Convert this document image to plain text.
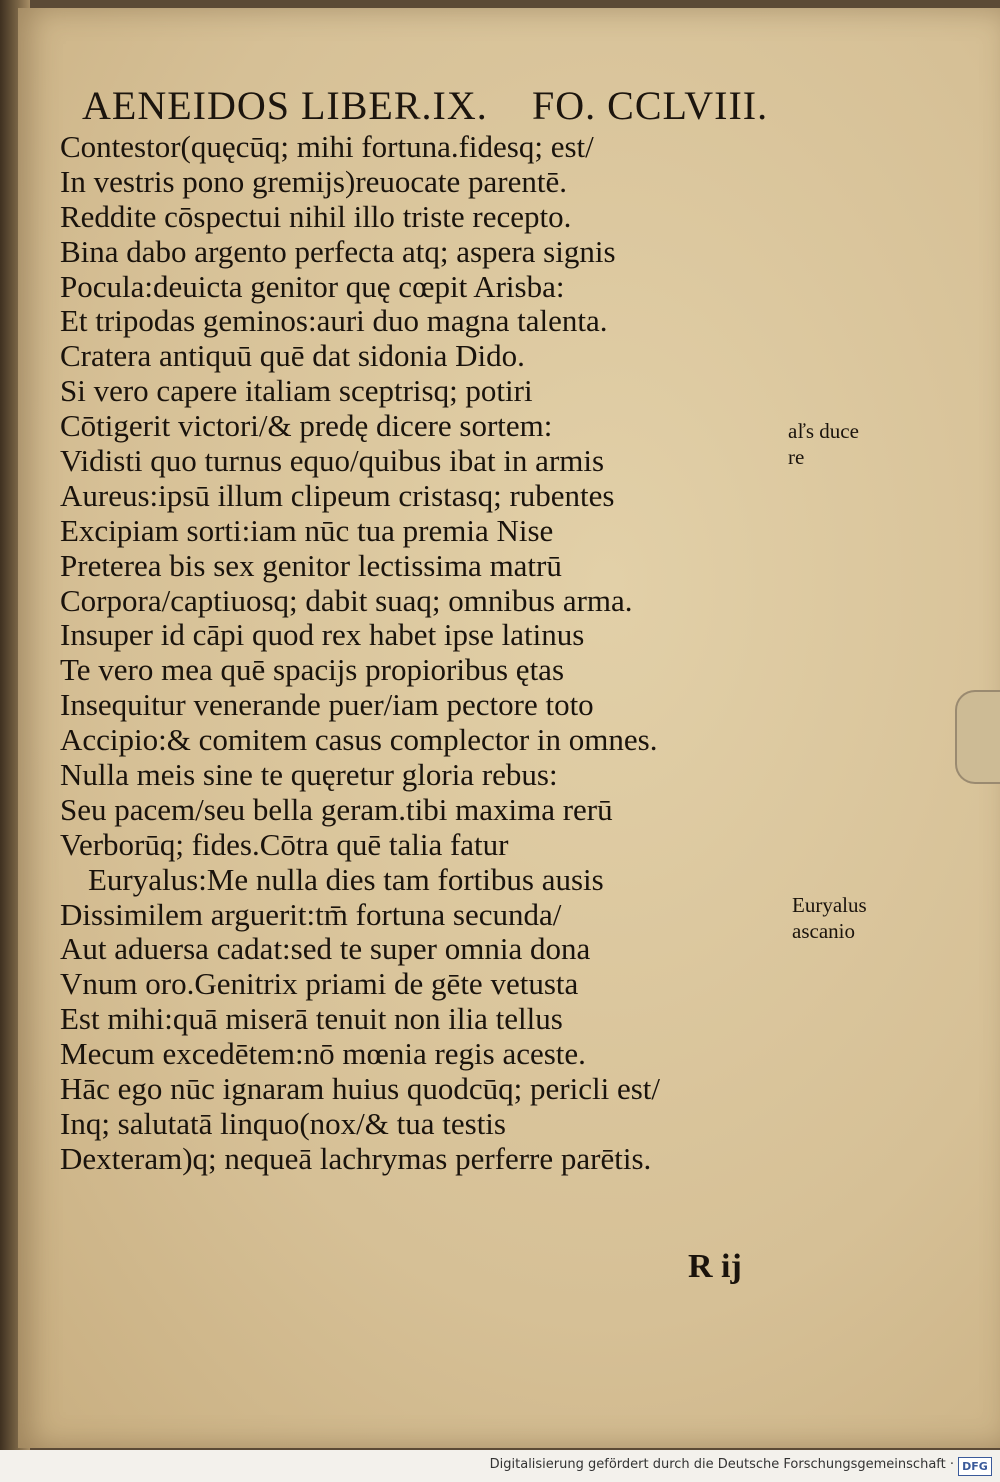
AENEIDOS LIBER.IX. FO. CCLVIII.
Contestor(quęcūq; mihi fortuna.fidesq; est/
In vestris pono gremijs)reuocate parentē.
Reddite cōspectui nihil illo triste recepto.
Bina dabo argento perfecta atq; aspera signis
Pocula:deuicta genitor quę cœpit Arisba:
Et tripodas geminos:auri duo magna talenta.
Cratera antiquū quē dat sidonia Dido.
Si vero capere italiam sceptrisq; potiri
Cōtigerit victori/& predę dicere sortem:
Vidisti quo turnus equo/quibus ibat in armis
Aureus:ipsū illum clipeum cristasq; rubentes
Excipiam sorti:iam nūc tua premia Nise
Preterea bis sex genitor lectissima matrū
Corpora/captiuosq; dabit suaq; omnibus arma.
Insuper id cāpi quod rex habet ipse latinus
Te vero mea quē spacijs propioribus ętas
Insequitur venerande puer/iam pectore toto
Accipio:& comitem casus complector in omnes.
Nulla meis sine te quęretur gloria rebus:
Seu pacem/seu bella geram.tibi maxima rerū
Verborūq; fides.Cōtra quē talia fatur
Euryalus:Me nulla dies tam fortibus ausis
Dissimilem arguerit:tm̄ fortuna secunda/
Aut aduersa cadat:sed te super omnia dona
Vnum oro.Genitrix priami de gēte vetusta
Est mihi:quā miserā tenuit non ilia tellus
Mecum excedētem:nō mœnia regis aceste.
Hāc ego nūc ignaram huius quodcūq; pericli est/
Inq; salutatā linquo(nox/& tua testis
Dexteram)q; nequeā lachrymas perferre parētis.
aľs duce
re
Euryalus
ascanio
R ij
Digitalisierung gefördert durch die Deutsche Forschungsgemeinschaft · DFG
